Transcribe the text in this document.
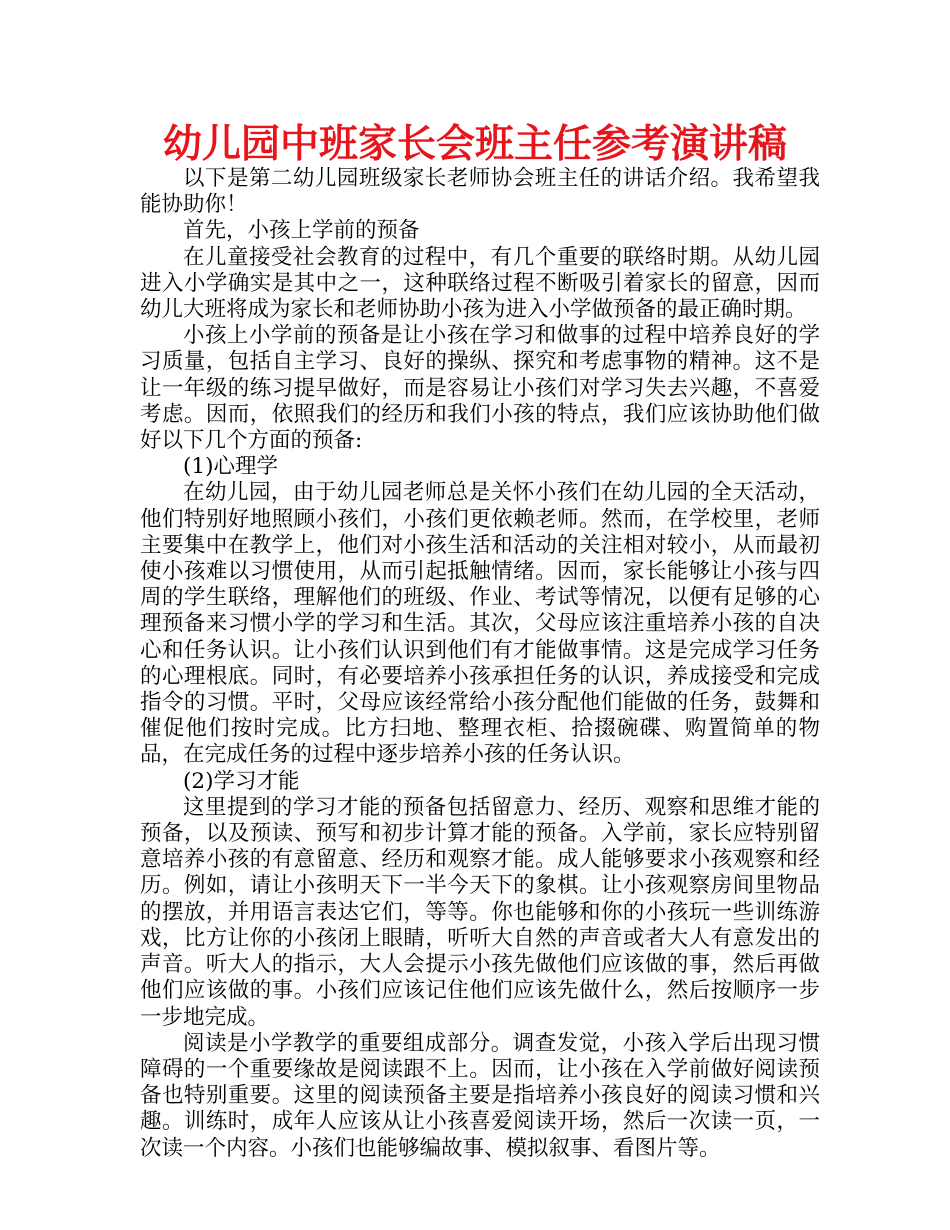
幼儿园中班家长会班主任参考演讲稿

以下是第二幼儿园班级家长老师协会班主任的讲话介绍。我希望我能协助你！

首先，小孩上学前的预备

在儿童接受社会教育的过程中，有几个重要的联络时期。从幼儿园进入小学确实是其中之一，这种联络过程不断吸引着家长的留意，因而幼儿大班将成为家长和老师协助小孩为进入小学做预备的最正确时期。

小孩上小学前的预备是让小孩在学习和做事的过程中培养良好的学习质量，包括自主学习、良好的操纵、探究和考虑事物的精神。这不是让一年级的练习提早做好，而是容易让小孩们对学习失去兴趣，不喜爱考虑。因而，依照我们的经历和我们小孩的特点，我们应该协助他们做好以下几个方面的预备:

(1)心理学

在幼儿园，由于幼儿园老师总是关怀小孩们在幼儿园的全天活动，他们特别好地照顾小孩们，小孩们更依赖老师。然而，在学校里，老师主要集中在教学上，他们对小孩生活和活动的关注相对较小，从而最初使小孩难以习惯使用，从而引起抵触情绪。因而，家长能够让小孩与四周的学生联络，理解他们的班级、作业、考试等情况，以便有足够的心理预备来习惯小学的学习和生活。其次，父母应该注重培养小孩的自决心和任务认识。让小孩们认识到他们有才能做事情。这是完成学习任务的心理根底。同时，有必要培养小孩承担任务的认识，养成接受和完成指令的习惯。平时，父母应该经常给小孩分配他们能做的任务，鼓舞和催促他们按时完成。比方扫地、整理衣柜、拾掇碗碟、购置简单的物品，在完成任务的过程中逐步培养小孩的任务认识。

(2)学习才能

这里提到的学习才能的预备包括留意力、经历、观察和思维才能的预备，以及预读、预写和初步计算才能的预备。入学前，家长应特别留意培养小孩的有意留意、经历和观察才能。成人能够要求小孩观察和经历。例如，请让小孩明天下一半今天下的象棋。让小孩观察房间里物品的摆放，并用语言表达它们，等等。你也能够和你的小孩玩一些训练游戏，比方让你的小孩闭上眼睛，听听大自然的声音或者大人有意发出的声音。听大人的指示，大人会提示小孩先做他们应该做的事，然后再做他们应该做的事。小孩们应该记住他们应该先做什么，然后按顺序一步一步地完成。

阅读是小学教学的重要组成部分。调查发觉，小孩入学后出现习惯障碍的一个重要缘故是阅读跟不上。因而，让小孩在入学前做好阅读预备也特别重要。这里的阅读预备主要是指培养小孩良好的阅读习惯和兴趣。训练时，成年人应该从让小孩喜爱阅读开场，然后一次读一页，一次读一个内容。小孩们也能够编故事、模拟叙事、看图片等。
